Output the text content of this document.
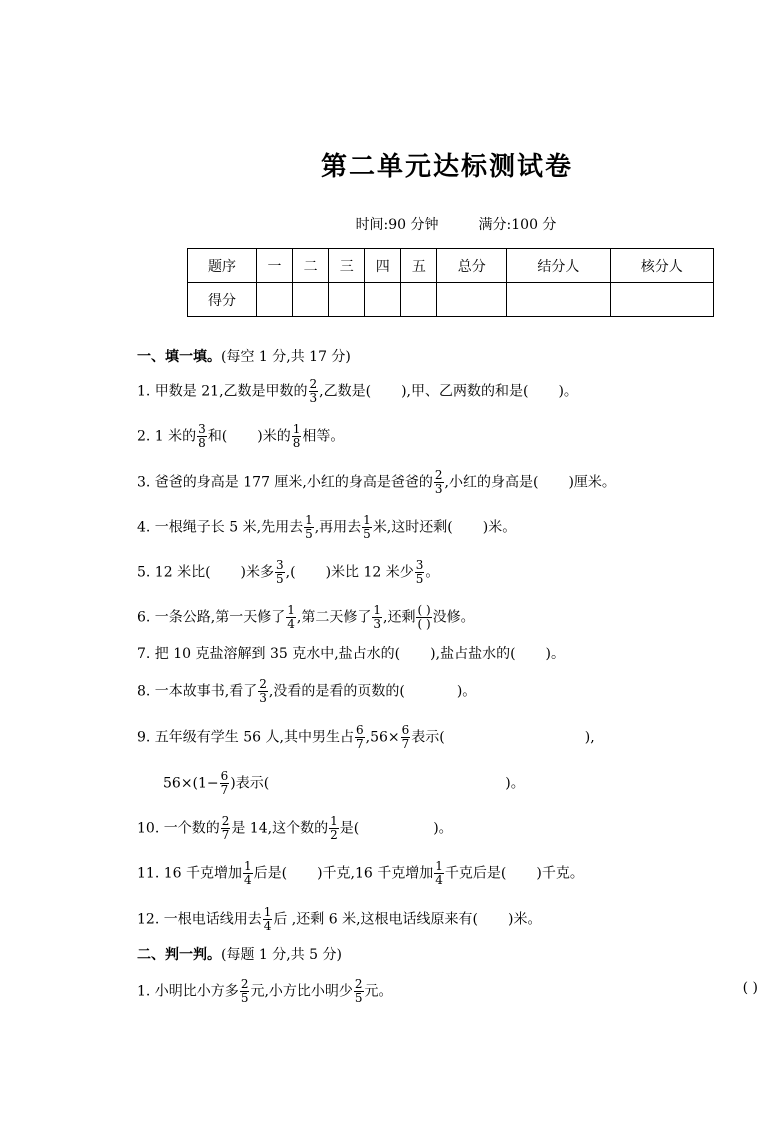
第二单元达标测试卷
时间:90 分钟	满分:100 分
题序	一	二	三	四	五	总分	结分人	核分人
得分								
一、填一填。(每空 1 分,共 17 分)
1. 甲数是 21,乙数是甲数的 $\frac{2}{3}$ ,乙数是( ),甲、乙两数的和是( )。
2. 1 米的 $\frac{3}{8}$ 和( )米的 $\frac{1}{8}$ 相等。
3. 爸爸的身高是 177 厘米,小红的身高是爸爸的 $\frac{2}{3}$ ,小红的身高是( )厘米。
4. 一根绳子长 5 米,先用去 $\frac{1}{5}$ ,再用去 $\frac{1}{5}$ 米,这时还剩( )米。
5. 12 米比( )米多 $\frac{3}{5}$ ,( )米比 12 米少 $\frac{3}{5}$ 。
6. 一条公路,第一天修了 $\frac{1}{4}$ ,第二天修了 $\frac{1}{3}$ ,还剩 $\frac{( )}{( )}$ 没修。
7. 把 10 克盐溶解到 35 克水中,盐占水的( ),盐占盐水的( )。
8. 一本故事书,看了 $\frac{2}{3}$ ,没看的是看的页数的(	)。
9. 五年级有学生 56 人,其中男生占 $\frac{6}{7} ,56\times \frac{6}{7}$ 表示(	),
$56\times(1- \frac{6}{7}$ )表示(	)。
10. 一个数的 $\frac{2}{7}$ 是 14,这个数的 $\frac{1}{2}$ 是(	)。
11. 16 千克增加 $\frac{1}{4}$ 后是( )千克,16 千克增加 $\frac{1}{4}$ 千克后是( )千克。
12. 一根电话线用去 $\frac{1}{4}$ 后 ,还剩 6 米,这根电话线原来有( )米。
二、判一判。(每题 1 分,共 5 分)
1. 小明比小方多 $\frac{2}{5}$ 元,小方比小明少 $\frac{2}{5}$ 元。	( )
